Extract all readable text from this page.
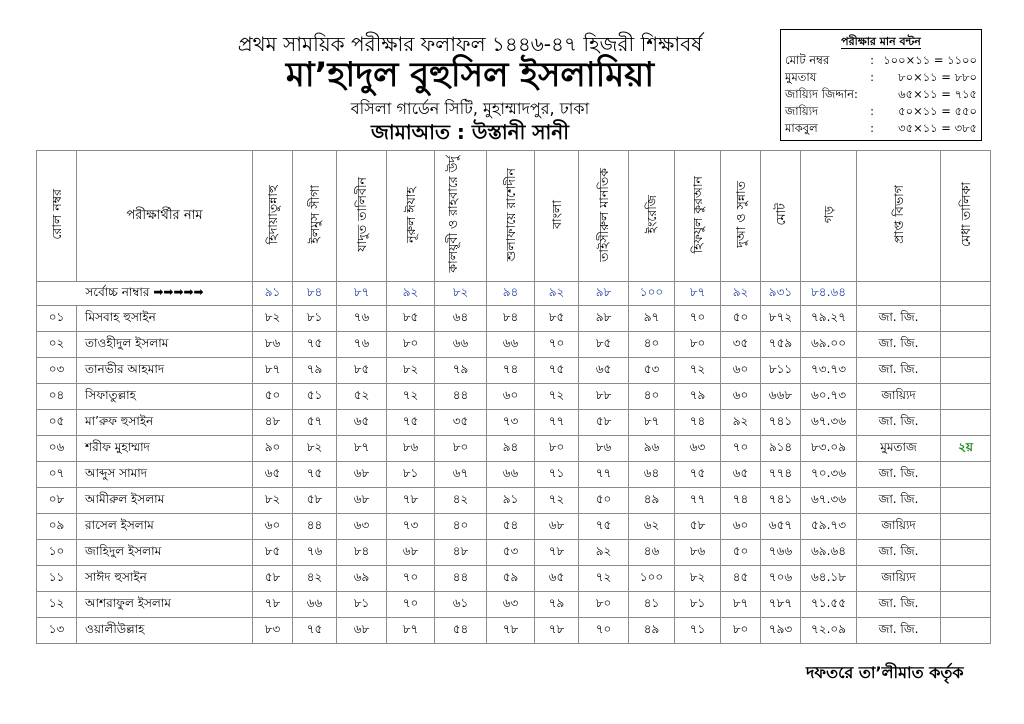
প্রথম সাময়িক পরীক্ষার ফলাফল ১৪৪৬-৪৭ হিজরী শিক্ষাবর্ষ
মা’হাদুল বুহুসিল ইসলামিয়া
বসিলা গার্ডেন সিটি, মুহাম্মাদপুর, ঢাকা
জামাআত : উস্তানী সানী
পরীক্ষার মান বন্টন
মোট নম্বর	: ১০০×১১ = ১১০০
মুমতায	:	৮০×১১ = ৮৮০
জায়্যিদ জিদ্দান:	৬৫×১১ = ৭১৫
জায়্যিদ	:	৫০×১১ = ৫৫০
মাকবুল	:	৩৫×১১ = ৩৮৫
রোল নম্বর	পরীক্ষার্থীর নাম	হিদায়াতুন্নাহু	ইলমুস সীগা	যাদুত তালিবীন	নূরুল ঈযাহ	কালয়ূবী ও রাহবারে উর্দু	শুলাফায়ে রাশেদীন	বাংলা	তাইসীরুল মানতিক	ইংরেজি	হিফযুল কুরআন	দুআ ও সুন্নাত	মোট	গড়	প্রাপ্ত বিভাগ	মেধা তালিকা
সর্বোচ্চ নাম্বার ➡➡➡➡➡		৯১	৮৪	৮৭	৯২	৮২	৯৪	৯২	৯৮	১০০	৮৭	৯২	৯৩১	৮৪.৬৪		
০১	মিসবাহ হুসাইন	৮২	৮১	৭৬	৮৫	৬৪	৮৪	৮৫	৯৮	৯৭	৭০	৫০	৮৭২	৭৯.২৭	জা. জি.	
০২	তাওহীদুল ইসলাম	৮৬	৭৫	৭৬	৮০	৬৬	৬৬	৭০	৮৫	৪০	৮০	৩৫	৭৫৯	৬৯.০০	জা. জি.	
০৩	তানভীর আহমাদ	৮৭	৭৯	৮৫	৮২	৭৯	৭৪	৭৫	৬৫	৫৩	৭২	৬০	৮১১	৭৩.৭৩	জা. জি.	
০৪	সিফাতুল্লাহ	৫০	৫১	৫২	৭২	৪৪	৬০	৭২	৮৮	৪০	৭৯	৬০	৬৬৮	৬০.৭৩	জায়্যিদ	
০৫	মা’রুফ হুসাইন	৪৮	৫৭	৬৫	৭৫	৩৫	৭৩	৭৭	৫৮	৮৭	৭৪	৯২	৭৪১	৬৭.৩৬	জা. জি.	
০৬	শরীফ মুহাম্মাদ	৯০	৮২	৮৭	৮৬	৮০	৯৪	৮০	৮৬	৯৬	৬৩	৭০	৯১৪	৮৩.০৯	মুমতাজ	২য়
০৭	আব্দুস সামাদ	৬৫	৭৫	৬৮	৮১	৬৭	৬৬	৭১	৭৭	৬৪	৭৫	৬৫	৭৭৪	৭০.৩৬	জা. জি.	
০৮	আমীরুল ইসলাম	৮২	৫৮	৬৮	৭৮	৪২	৯১	৭২	৫০	৪৯	৭৭	৭৪	৭৪১	৬৭.৩৬	জা. জি.	
০৯	রাসেল ইসলাম	৬০	৪৪	৬৩	৭৩	৪০	৫৪	৬৮	৭৫	৬২	৫৮	৬০	৬৫৭	৫৯.৭৩	জায়্যিদ	
১০	জাহিদুল ইসলাম	৮৫	৭৬	৮৪	৬৮	৪৮	৫৩	৭৮	৯২	৪৬	৮৬	৫০	৭৬৬	৬৯.৬৪	জা. জি.	
১১	সাঈদ হুসাইন	৫৮	৪২	৬৯	৭০	৪৪	৫৯	৬৫	৭২	১০০	৮২	৪৫	৭০৬	৬৪.১৮	জায়্যিদ	
১২	আশরাফুল ইসলাম	৭৮	৬৬	৮১	৭০	৬১	৬৩	৭৯	৮০	৪১	৮১	৮৭	৭৮৭	৭১.৫৫	জা. জি.	
১৩	ওয়ালীউল্লাহ	৮৩	৭৫	৬৮	৮৭	৫৪	৭৮	৭৮	৭০	৪৯	৭১	৮০	৭৯৩	৭২.০৯	জা. জি.	
দফতরে তা’লীমাত কর্তৃক
